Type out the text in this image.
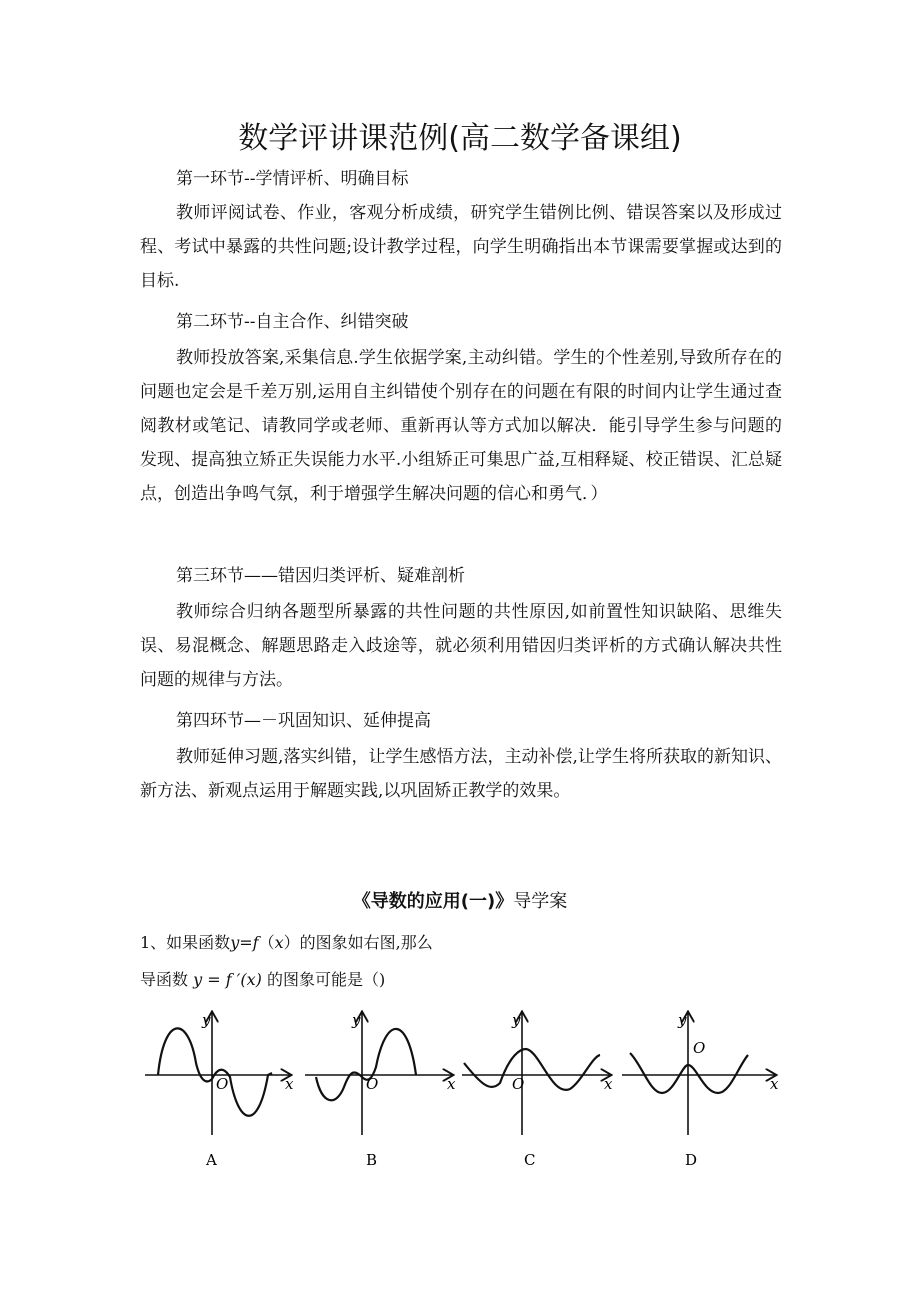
数学评讲课范例(高二数学备课组)
第一环节--学情评析、明确目标
教师评阅试卷、作业，客观分析成绩，研究学生错例比例、错误答案以及形成过程、考试中暴露的共性问题;设计教学过程，向学生明确指出本节课需要掌握或达到的目标.
第二环节--自主合作、纠错突破
教师投放答案,采集信息.学生依据学案,主动纠错。学生的个性差别,导致所存在的问题也定会是千差万别,运用自主纠错使个别存在的问题在有限的时间内让学生通过查阅教材或笔记、请教同学或老师、重新再认等方式加以解决．能引导学生参与问题的发现、提高独立矫正失误能力水平.小组矫正可集思广益,互相释疑、校正错误、汇总疑点，创造出争鸣气氛，利于增强学生解决问题的信心和勇气．）
第三环节——错因归类评析、疑难剖析
教师综合归纳各题型所暴露的共性问题的共性原因,如前置性知识缺陷、思维失误、易混概念、解题思路走入歧途等，就必须利用错因归类评析的方式确认解决共性问题的规律与方法。
第四环节—－巩固知识、延伸提高
教师延伸习题,落实纠错，让学生感悟方法，主动补偿,让学生将所获取的新知识、新方法、新观点运用于解题实践,以巩固矫正教学的效果。
《导数的应用(一)》导学案
1、如果函数y=f（x）的图象如右图,那么
导函数 y = f ′(x) 的图象可能是（)
y
O	x
A
y
O	x
B
y
O	x
C
y
O
x
D
